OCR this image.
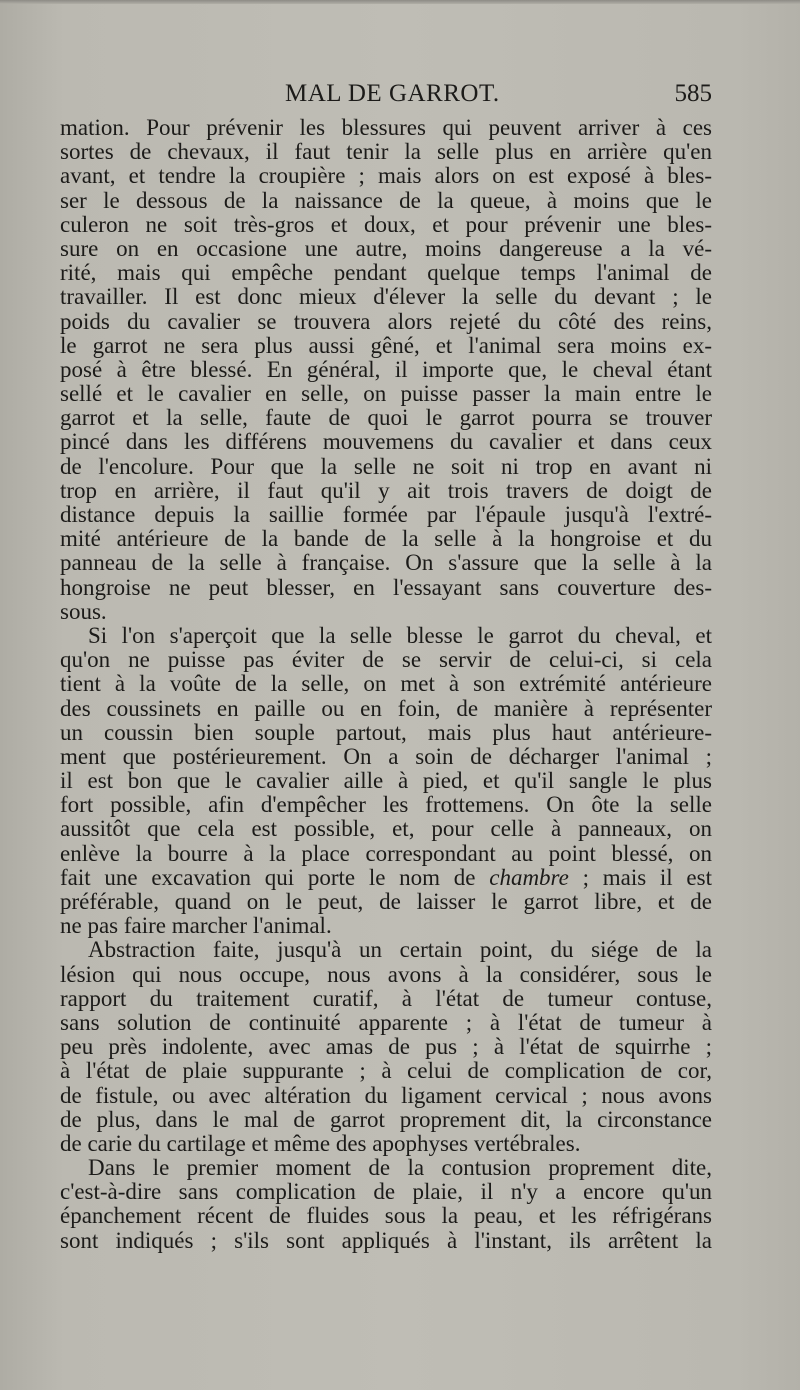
MAL DE GARROT.	585
mation. Pour prévenir les blessures qui peuvent arriver à ces
sortes de chevaux, il faut tenir la selle plus en arrière qu'en
avant, et tendre la croupière ; mais alors on est exposé à bles-
ser le dessous de la naissance de la queue, à moins que le
culeron ne soit très-gros et doux, et pour prévenir une bles-
sure on en occasione une autre, moins dangereuse a la vé-
rité, mais qui empêche pendant quelque temps l'animal de
travailler. Il est donc mieux d'élever la selle du devant ; le
poids du cavalier se trouvera alors rejeté du côté des reins,
le garrot ne sera plus aussi gêné, et l'animal sera moins ex-
posé à être blessé. En général, il importe que, le cheval étant
sellé et le cavalier en selle, on puisse passer la main entre le
garrot et la selle, faute de quoi le garrot pourra se trouver
pincé dans les différens mouvemens du cavalier et dans ceux
de l'encolure. Pour que la selle ne soit ni trop en avant ni
trop en arrière, il faut qu'il y ait trois travers de doigt de
distance depuis la saillie formée par l'épaule jusqu'à l'extré-
mité antérieure de la bande de la selle à la hongroise et du
panneau de la selle à française. On s'assure que la selle à la
hongroise ne peut blesser, en l'essayant sans couverture des-
sous.
Si l'on s'aperçoit que la selle blesse le garrot du cheval, et
qu'on ne puisse pas éviter de se servir de celui-ci, si cela
tient à la voûte de la selle, on met à son extrémité antérieure
des coussinets en paille ou en foin, de manière à représenter
un coussin bien souple partout, mais plus haut antérieure-
ment que postérieurement. On a soin de décharger l'animal ;
il est bon que le cavalier aille à pied, et qu'il sangle le plus
fort possible, afin d'empêcher les frottemens. On ôte la selle
aussitôt que cela est possible, et, pour celle à panneaux, on
enlève la bourre à la place correspondant au point blessé, on
fait une excavation qui porte le nom de chambre ; mais il est
préférable, quand on le peut, de laisser le garrot libre, et de
ne pas faire marcher l'animal.
Abstraction faite, jusqu'à un certain point, du siége de la
lésion qui nous occupe, nous avons à la considérer, sous le
rapport du traitement curatif, à l'état de tumeur contuse,
sans solution de continuité apparente ; à l'état de tumeur à
peu près indolente, avec amas de pus ; à l'état de squirrhe ;
à l'état de plaie suppurante ; à celui de complication de cor,
de fistule, ou avec altération du ligament cervical ; nous avons
de plus, dans le mal de garrot proprement dit, la circonstance
de carie du cartilage et même des apophyses vertébrales.
Dans le premier moment de la contusion proprement dite,
c'est-à-dire sans complication de plaie, il n'y a encore qu'un
épanchement récent de fluides sous la peau, et les réfrigérans
sont indiqués ; s'ils sont appliqués à l'instant, ils arrêtent la
